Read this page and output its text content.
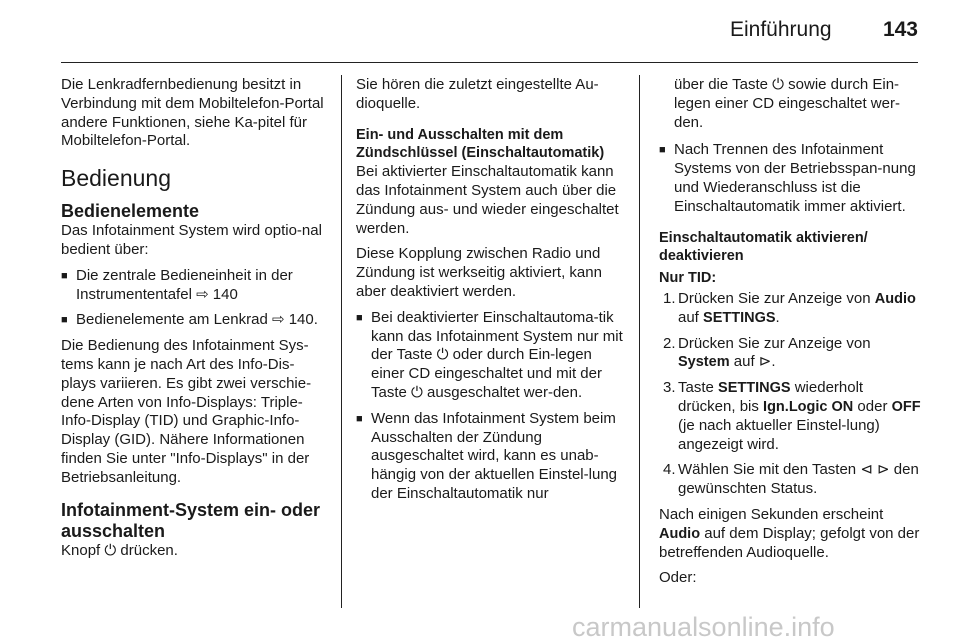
Einführung 143

Die Lenkradfernbedienung besitzt in Verbindung mit dem Mobiltelefon-Portal andere Funktionen, siehe Ka-pitel für Mobiltelefon-Portal.

Bedienung
Bedienelemente

Das Infotainment System wird optio-nal bedient über:

■ Die zentrale Bedieneinheit in der Instrumententafel ⇨ 140
■ Bedienelemente am Lenkrad ⇨ 140.

Die Bedienung des Infotainment Sys-tems kann je nach Art des Info-Dis-plays variieren. Es gibt zwei verschie-dene Arten von Info-Displays: Triple-Info-Display (TID) und Graphic-Info-Display (GID). Nähere Informationen finden Sie unter "Info-Displays" in der Betriebsanleitung.

Infotainment-System ein- oder ausschalten

Knopf ⏻ drücken.

Sie hören die zuletzt eingestellte Au-dioquelle.

Ein- und Ausschalten mit dem Zündschlüssel (Einschaltautomatik)

Bei aktivierter Einschaltautomatik kann das Infotainment System auch über die Zündung aus- und wieder eingeschaltet werden.

Diese Kopplung zwischen Radio und Zündung ist werkseitig aktiviert, kann aber deaktiviert werden.

■ Bei deaktivierter Einschaltautoma-tik kann das Infotainment System nur mit der Taste ⏻ oder durch Ein-legen einer CD eingeschaltet und mit der Taste ⏻ ausgeschaltet wer-den.
■ Wenn das Infotainment System beim Ausschalten der Zündung ausgeschaltet wird, kann es unab-hängig von der aktuellen Einstel-lung der Einschaltautomatik nur

über die Taste ⏻ sowie durch Ein-legen einer CD eingeschaltet wer-den.

■ Nach Trennen des Infotainment Systems von der Betriebsspan-nung und Wiederanschluss ist die Einschaltautomatik immer aktiviert.
Einschaltautomatik aktivieren/ deaktivieren
Nur TID:
1. Drücken Sie zur Anzeige von Audio auf SETTINGS.
2. Drücken Sie zur Anzeige von System auf ⊳.
3. Taste SETTINGS wiederholt drücken, bis Ign.Logic ON oder OFF (je nach aktueller Einstel-lung) angezeigt wird.
4. Wählen Sie mit den Tasten ⊲ ⊳ den gewünschten Status.

Nach einigen Sekunden erscheint Audio auf dem Display; gefolgt von der betreffenden Audioquelle.

Oder:

carmanualsonline.info
